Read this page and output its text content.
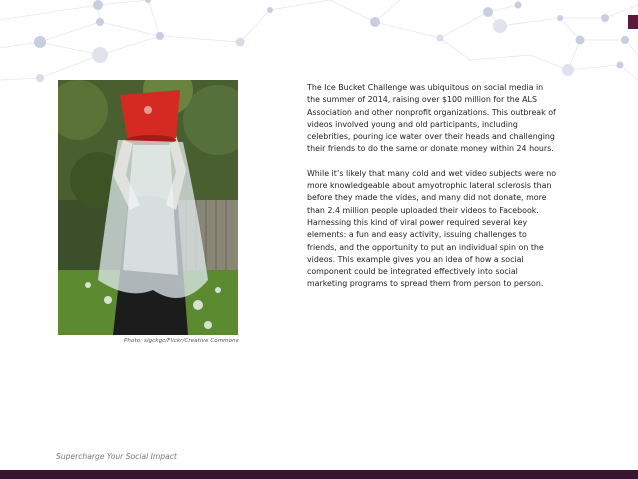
Photo: slgckgc/Flickr/Creative Commons

The Ice Bucket Challenge was ubiquitous on social media in the summer of 2014, raising over $100 million for the ALS Association and other nonprofit organizations. This outbreak of videos involved young and old participants, including celebrities, pouring ice water over their heads and challenging their friends to do the same or donate money within 24 hours.

While it’s likely that many cold and wet video subjects were no more knowledgeable about amyotrophic lateral sclerosis than before they made the vides, and many did not donate, more than 2.4 million people uploaded their videos to Facebook. Harnessing this kind of viral power required several key elements: a fun and easy activity, issuing challenges to friends, and the opportunity to put an individual spin on the videos. This example gives you an idea of how a social component could be integrated effectively into social marketing programs to spread them from person to person.

Supercharge Your Social Impact
